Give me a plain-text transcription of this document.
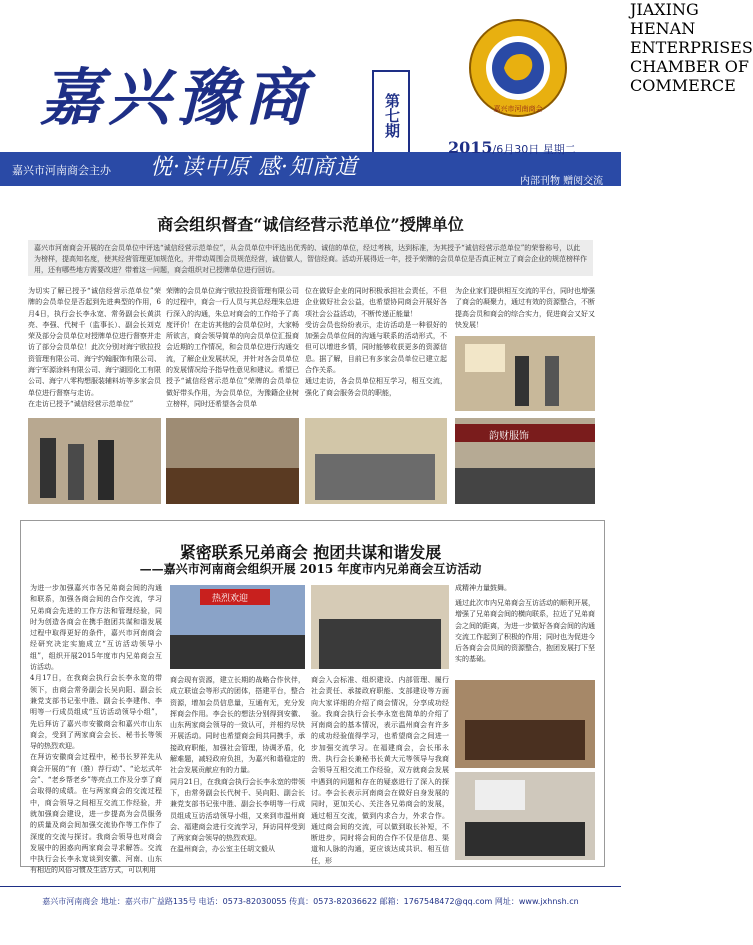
嘉兴豫商	第七期	嘉兴市河南商会
JIAXING HENAN ENTERPRISES CHAMBER OF COMMERCE
嘉兴市河南商会主办 悦·读中原 感·知商道
2015/6月30日 星期二
内部刊物 赠阅交流
商会组织督查“诚信经营示范单位”授牌单位
嘉兴市河南商会开展的在会员单位中评选“诚信经营示范单位”，从会员单位中评选出优秀的、诚信的单位，经过考核，达到标准，为其授予“诚信经营示范单位”的荣誉称号，以此为榜样，提高知名度，使其经营管理更加规范化，并带动周围会员规范经营，诚信做人，智信经商。活动开展得近一年，授予荣牌的会员单位是否真正树立了商会企业的规范榜样作用，还有哪些地方需要改进？带着这一问题，商会组织对已授牌单位进行回访。
为切实了解已授予“诚信经营示范单位”荣牌的会员单位是否起到先进典型的作用，6月4日，执行会长李永宽、常务副会长黄洪亮、李强、代树千（监事长）、副会长刘克荣及部分会员单位对授牌单位进行督察并走访了部分会员单位！此次分别对海宁欧拉投资管理有限公司、海宁约翰服饰有限公司、海宁军源涂料有限公司、海宁湖园化工有限公司、海宁八零构想服装辅料坊等多家会员单位进行督察与走访。
在走访已授予“诚信经营示范单位”
荣牌的会员单位海宁欧拉投资管理有限公司的过程中，商会一行人员与其总经理朱总进行深入的沟通，朱总对商会的工作给予了高度评价！在走访其他的会员单位时，大家畅所欲言，商会领导简单的向会员单位汇报商会近期的工作情况，和会员单位进行沟通交流，了解企业发展状况，并针对各会员单位的发展情况给予指导性意见和建议。希望已授予“诚信经营示范单位”荣牌的会员单位做好带头作用，为会员单位，为豫籍企业树立榜样，同时还希望各会员单
位在做好企业的同时积极承担社会责任，不但企业做好社会公益，也希望协同商会开展好各项社会公益活动，不断传递正能量！
受访会员也纷纷表示，走访活动是一种很好的加强会员单位间的沟通与联系的活动形式，不但可以增进乡情，同时能够收获更多的资源信息。据了解，目前已有多家会员单位已建立起合作关系。
通过走访，各会员单位相互学习，相互交流，强化了商会服务会员的职能，
为企业家们提供相互交流的平台，同时也增强了商会的凝聚力，通过有效的资源整合，不断提高会员和商会的综合实力，促进商会又好又快发展！
韵财服饰
紧密联系兄弟商会 抱团共谋和谐发展
——嘉兴市河南商会组织开展 2015 年度市内兄弟商会互访活动
为进一步加强嘉兴市各兄弟商会间的沟通和联系，加强各商会间的合作交流，学习兄弟商会先进的工作方法和管理经验，同时为创造各商会在携手抱团共谋和谐发展过程中取得更好的条件，嘉兴市河南商会经研究决定实施成立“互访活动领导小组”，组织开展2015年度市内兄弟商会互访活动。
4月17日，在我商会执行会长李永宽的带领下，由商会常务副会长吴向阳、副会长兼党支部书记张中胜、副会长李建伟、李明等一行成员组成“互访活动领导小组”，先后拜访了嘉兴市安徽商会和嘉兴市山东商会，受到了两家商会会长、秘书长等领导的热烈欢迎。
在拜访安徽商会过程中，秘书长罗祥先从商会开展的“有（推）荐行动”、“论坛式年会”、“老乡帮老乡”等亮点工作及分享了商会取得的成绩。在与两家商会的交流过程中，商会领导之间相互交流工作经验，并就加强商会建设，进一步提高为会员服务的质量及商会间加强交流协作等工作作了深度的交流与探讨。我商会领导也对商会发展中的困惑向两家商会寻求解答。交流中执行会长李永宽谈到安徽、河南、山东有相近的风俗习惯及生活方式，可以利用
热烈欢迎
商会现有资源，建立长期的战略合作伙伴，成立联谊会等形式的团体，搭建平台，整合资源，增加会员信息量，互通有无，充分发挥商会作用。李会长的想法分别得到安徽、山东两家商会领导的一致认可，并相约尽快开展活动。同时也希望商会间共同携手，承接政府职能，加强社会管理，协调矛盾，化解难题，减轻政府负担，为嘉兴和谐稳定的社会发展贡献应有的力量。
同月21日，在我商会执行会长李永宽的带领下，由常务副会长代树千、吴向阳、副会长兼党支部书记张中胜、副会长李明等一行成员组成互访活动领导小组，又来到市温州商会、福建商会进行交流学习，拜访同样受到了两家商会领导的热烈欢迎。
在温州商会，办公室主任胡文毅从
商会入会标准、组织建设、内部管理、履行社会责任、承接政府职能、支部建设等方面向大家详细的介绍了商会情况，分享成功经验。我商会执行会长李永宽也简单的介绍了河南商会的基本情况，表示温州商会有许多的成功经验值得学习，也希望商会之间进一步加强交流学习。在福建商会，会长邢永贵、执行会长兼秘书长黄大元等领导与我商会领导互相交流工作经验，双方就商会发展中遇到的问题和存在的疑惑进行了深入的探讨。李会长表示河南商会在做好自身发展的同时，更加关心、关注各兄弟商会的发展，通过相互交流，做到内求合力，外求合作。通过商会间的交流，可以做到取长补短，不断进步，同时将会间的合作不仅是信息、渠道和人脉的沟通，更应该达成共识、相互信任，形
成精神力量鼓舞。
通过此次市内兄弟商会互访活动的顺利开展，增强了兄弟商会间的横向联系，拉近了兄弟商会之间的距离，为进一步做好各商会间的沟通交流工作起到了积极的作用；同时也为促进今后各商会会员间的资源整合，抱团发展打下坚实的基础。
嘉兴市河南商会 地址：嘉兴市广益路135号 电话：0573-82030055 传真：0573-82036622 邮箱：1767548472@qq.com 网址：www.jxhnsh.cn
